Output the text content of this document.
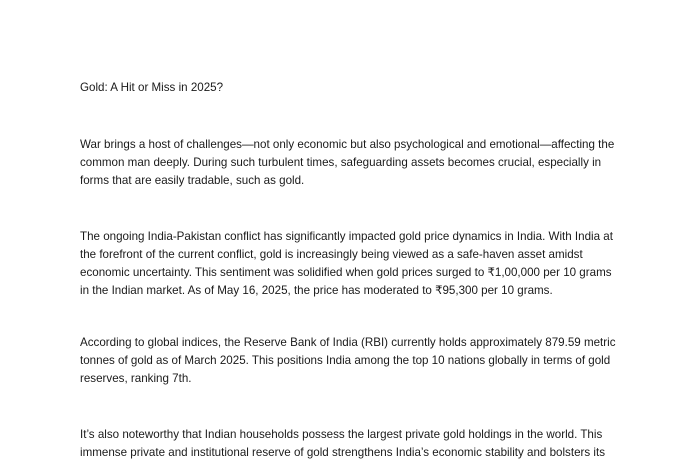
Gold: A Hit or Miss in 2025?
War brings a host of challenges—not only economic but also psychological and emotional—affecting the
common man deeply. During such turbulent times, safeguarding assets becomes crucial, especially in
forms that are easily tradable, such as gold.
The ongoing India-Pakistan conflict has significantly impacted gold price dynamics in India. With India at
the forefront of the current conflict, gold is increasingly being viewed as a safe-haven asset amidst
economic uncertainty. This sentiment was solidified when gold prices surged to ₹1,00,000 per 10 grams
in the Indian market. As of May 16, 2025, the price has moderated to ₹95,300 per 10 grams.
According to global indices, the Reserve Bank of India (RBI) currently holds approximately 879.59 metric
tonnes of gold as of March 2025. This positions India among the top 10 nations globally in terms of gold
reserves, ranking 7th.
It’s also noteworthy that Indian households possess the largest private gold holdings in the world. This
immense private and institutional reserve of gold strengthens India’s economic stability and bolsters its
